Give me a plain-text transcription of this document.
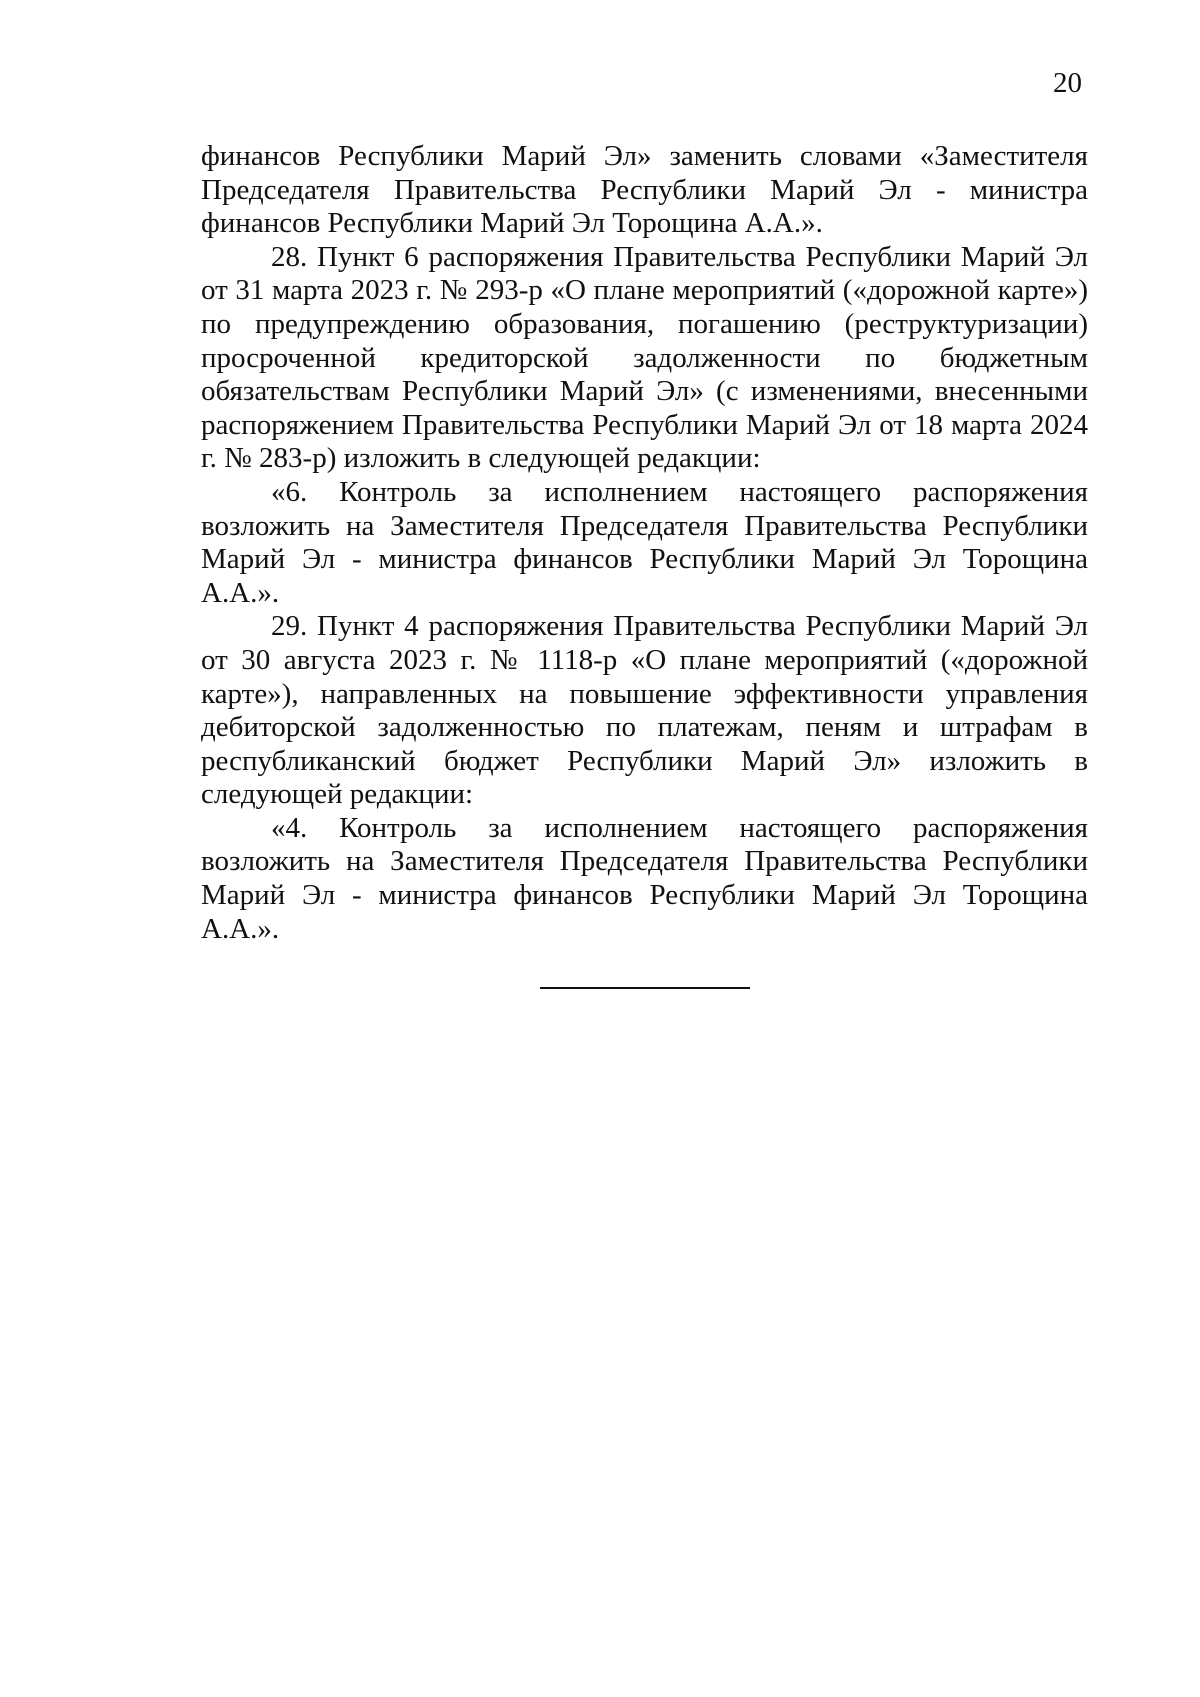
20

финансов Республики Марий Эл» заменить словами «Заместителя Председателя Правительства Республики Марий Эл - министра финансов Республики Марий Эл Торощина А.А.».

28. Пункт 6 распоряжения Правительства Республики Марий Эл от 31 марта 2023 г. № 293-р «О плане мероприятий («дорожной карте») по предупреждению образования, погашению (реструктуризации) просроченной кредиторской задолженности по бюджетным обязательствам Республики Марий Эл» (с изменениями, внесенными распоряжением Правительства Республики Марий Эл от 18 марта 2024 г. № 283-р) изложить в следующей редакции:

«6. Контроль за исполнением настоящего распоряжения возложить на Заместителя Председателя Правительства Республики Марий Эл - министра финансов Республики Марий Эл Торощина А.А.».

29. Пункт 4 распоряжения Правительства Республики Марий Эл от 30 августа 2023 г. № 1118-р «О плане мероприятий («дорожной карте»), направленных на повышение эффективности управления дебиторской задолженностью по платежам, пеням и штрафам в республиканский бюджет Республики Марий Эл» изложить в следующей редакции:

«4. Контроль за исполнением настоящего распоряжения возложить на Заместителя Председателя Правительства Республики Марий Эл - министра финансов Республики Марий Эл Торощина А.А.».
